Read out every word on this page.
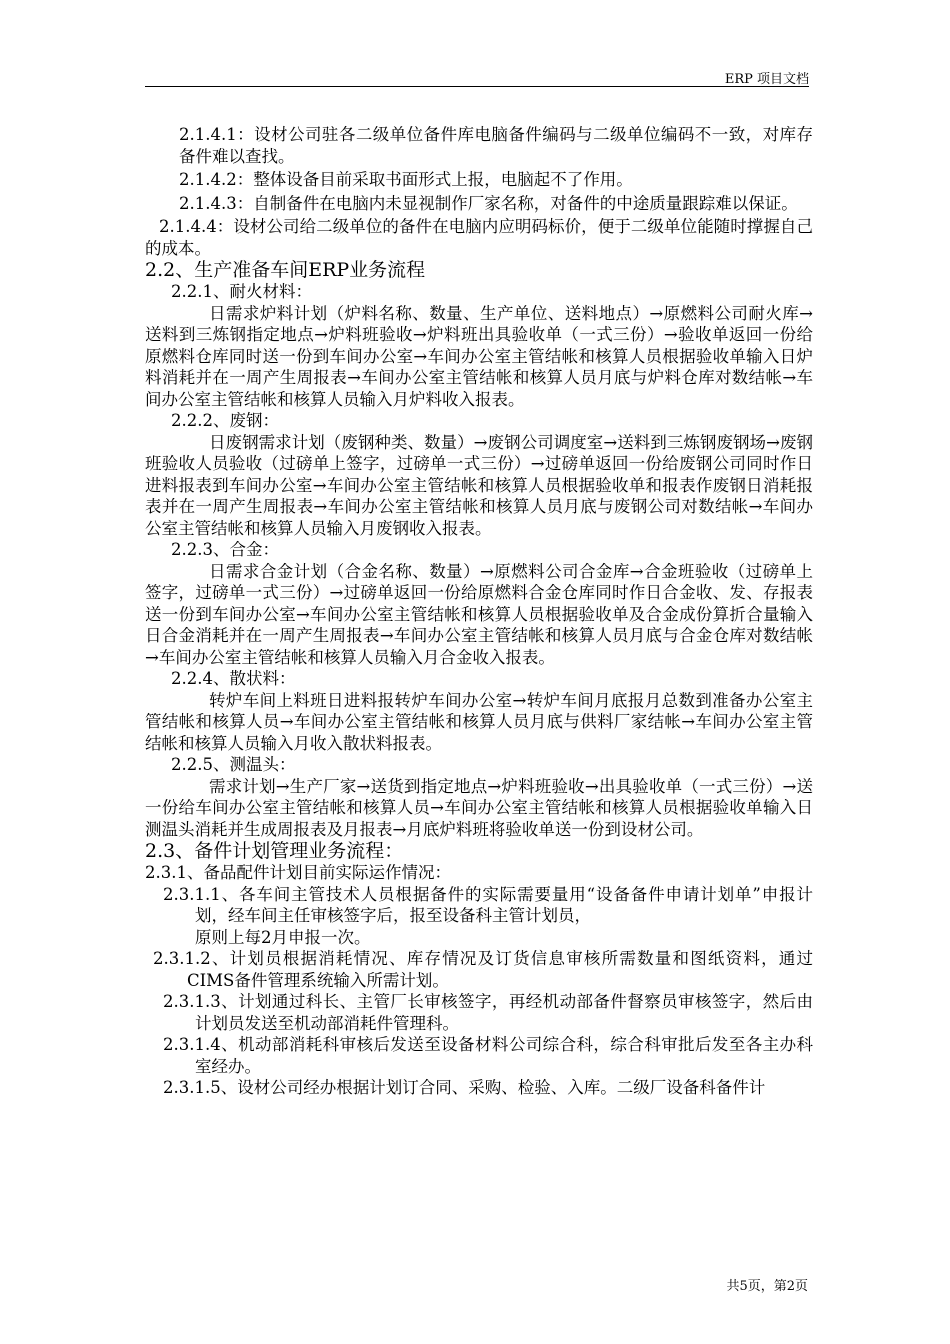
ERP 项目文档

2.1.4.1：设材公司驻各二级单位备件库电脑备件编码与二级单位编码不一致，对库存备件难以查找。

2.1.4.2：整体设备目前采取书面形式上报，电脑起不了作用。

2.1.4.3：自制备件在电脑内未显视制作厂家名称，对备件的中途质量跟踪难以保证。

2.1.4.4：设材公司给二级单位的备件在电脑内应明码标价，便于二级单位能随时撑握自己的成本。

2.2、生产准备车间ERP业务流程

2.2.1、耐火材料：

日需求炉料计划（炉料名称、数量、生产单位、送料地点）→原燃料公司耐火库→送料到三炼钢指定地点→炉料班验收→炉料班出具验收单（一式三份）→验收单返回一份给原燃料仓库同时送一份到车间办公室→车间办公室主管结帐和核算人员根据验收单输入日炉料消耗并在一周产生周报表→车间办公室主管结帐和核算人员月底与炉料仓库对数结帐→车间办公室主管结帐和核算人员输入月炉料收入报表。

2.2.2、废钢：

日废钢需求计划（废钢种类、数量）→废钢公司调度室→送料到三炼钢废钢场→废钢班验收人员验收（过磅单上签字，过磅单一式三份）→过磅单返回一份给废钢公司同时作日进料报表到车间办公室→车间办公室主管结帐和核算人员根据验收单和报表作废钢日消耗报表并在一周产生周报表→车间办公室主管结帐和核算人员月底与废钢公司对数结帐→车间办公室主管结帐和核算人员输入月废钢收入报表。

2.2.3、合金：

日需求合金计划（合金名称、数量）→原燃料公司合金库→合金班验收（过磅单上签字，过磅单一式三份）→过磅单返回一份给原燃料合金仓库同时作日合金收、发、存报表送一份到车间办公室→车间办公室主管结帐和核算人员根据验收单及合金成份算折合量输入日合金消耗并在一周产生周报表→车间办公室主管结帐和核算人员月底与合金仓库对数结帐→车间办公室主管结帐和核算人员输入月合金收入报表。

2.2.4、散状料：

转炉车间上料班日进料报转炉车间办公室→转炉车间月底报月总数到准备办公室主管结帐和核算人员→车间办公室主管结帐和核算人员月底与供料厂家结帐→车间办公室主管结帐和核算人员输入月收入散状料报表。

2.2.5、测温头：

需求计划→生产厂家→送货到指定地点→炉料班验收→出具验收单（一式三份）→送一份给车间办公室主管结帐和核算人员→车间办公室主管结帐和核算人员根据验收单输入日测温头消耗并生成周报表及月报表→月底炉料班将验收单送一份到设材公司。

2.3、备件计划管理业务流程：

2.3.1、备品配件计划目前实际运作情况：

2.3.1.1、各车间主管技术人员根据备件的实际需要量用“设备备件申请计划单”申报计划，经车间主任审核签字后，报至设备科主管计划员，

原则上每2月申报一次。

2.3.1.2、计划员根据消耗情况、库存情况及订货信息审核所需数量和图纸资料，通过CIMS备件管理系统输入所需计划。

2.3.1.3、计划通过科长、主管厂长审核签字，再经机动部备件督察员审核签字，然后由计划员发送至机动部消耗件管理科。

2.3.1.4、机动部消耗科审核后发送至设备材料公司综合科，综合科审批后发至各主办科室经办。

2.3.1.5、设材公司经办根据计划订合同、采购、检验、入库。二级厂设备科备件计

共5页，第2页
